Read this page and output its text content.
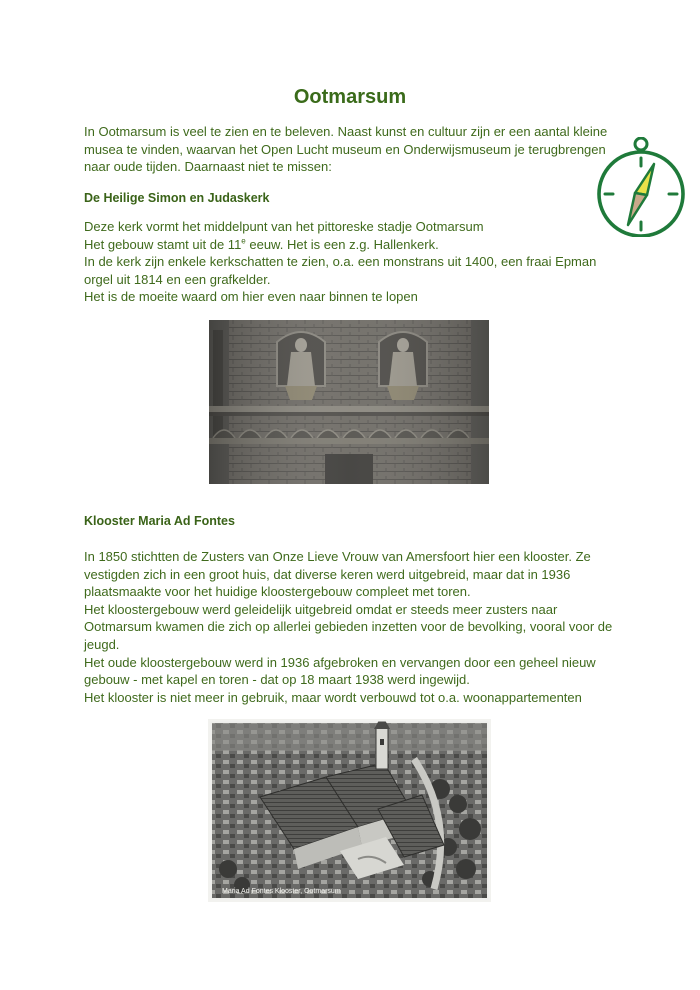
Ootmarsum

In Ootmarsum is veel te zien en te beleven. Naast kunst en cultuur zijn er een aantal kleine
musea te vinden, waarvan het Open Lucht museum en Onderwijsmuseum je terugbrengen
naar oude tijden. Daarnaast niet te missen:

De Heilige Simon en Judaskerk

Deze kerk vormt het middelpunt van het pittoreske stadje Ootmarsum
Het gebouw stamt uit de 11e eeuw. Het is een z.g. Hallenkerk.
In de kerk zijn enkele kerkschatten te zien, o.a. een monstrans uit 1400, een fraai Epman
orgel uit 1814 en een grafkelder.
Het is de moeite waard om hier even naar binnen te lopen

Klooster Maria Ad Fontes

In 1850 stichtten de Zusters van Onze Lieve Vrouw van Amersfoort hier een klooster. Ze
vestigden zich in een groot huis, dat diverse keren werd uitgebreid, maar dat in 1936
plaatsmaakte voor het huidige kloostergebouw compleet met toren.
Het kloostergebouw werd geleidelijk uitgebreid omdat er steeds meer zusters naar
Ootmarsum kwamen die zich op allerlei gebieden inzetten voor de bevolking, vooral voor de
jeugd.
Het oude kloostergebouw werd in 1936 afgebroken en vervangen door een geheel nieuw
gebouw - met kapel en toren - dat op 18 maart 1938 werd ingewijd.
Het klooster is niet meer in gebruik, maar wordt verbouwd tot o.a. woonappartementen

Maria Ad Fontes Klooster, Ootmarsum
